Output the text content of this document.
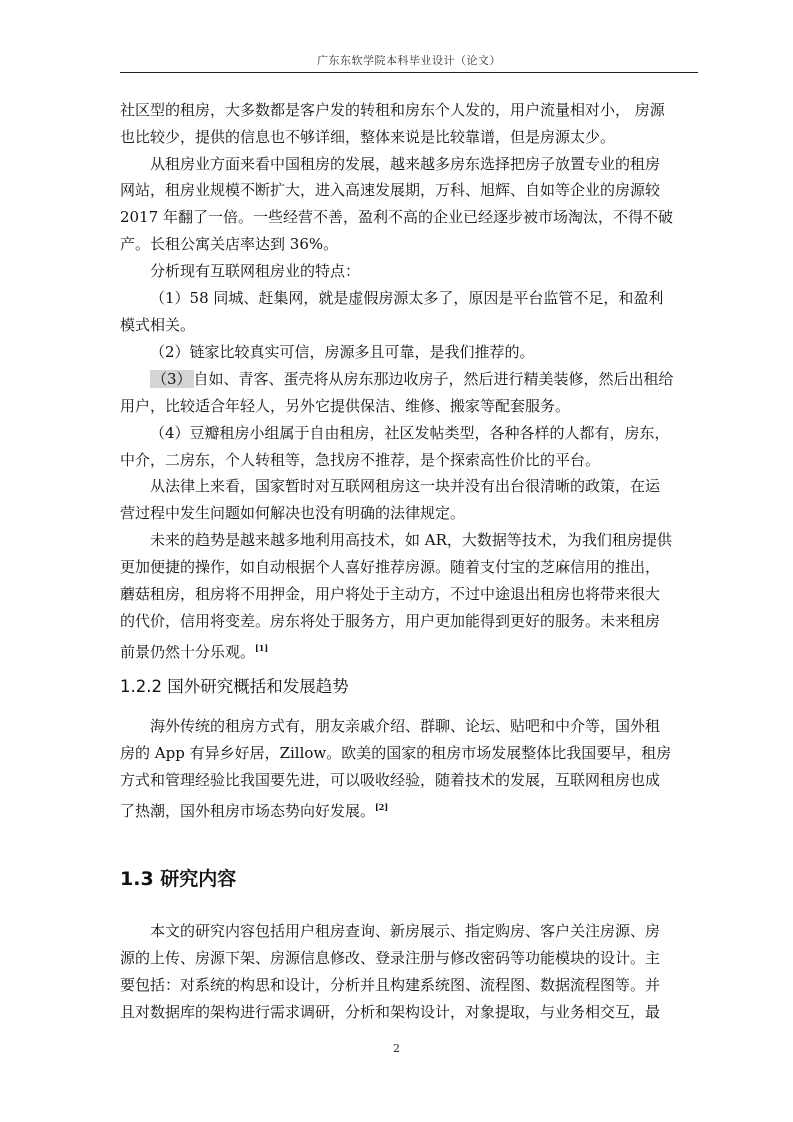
广东东软学院本科毕业设计（论文）
社区型的租房，大多数都是客户发的转租和房东个人发的，用户流量相对小， 房源
也比较少，提供的信息也不够详细，整体来说是比较靠谱，但是房源太少。
从租房业方面来看中国租房的发展，越来越多房东选择把房子放置专业的租房
网站，租房业规模不断扩大，进入高速发展期，万科、旭辉、自如等企业的房源较
2017 年翻了一倍。一些经营不善，盈利不高的企业已经逐步被市场淘汰，不得不破
产。长租公寓关店率达到 36%。
分析现有互联网租房业的特点：
（1）58 同城、赶集网，就是虚假房源太多了，原因是平台监管不足，和盈利
模式相关。
（2）链家比较真实可信，房源多且可靠，是我们推荐的。
（3） 自如、青客、蛋壳将从房东那边收房子，然后进行精美装修，然后出租给
用户，比较适合年轻人，另外它提供保洁、维修、搬家等配套服务。
（4）豆瓣租房小组属于自由租房，社区发帖类型，各种各样的人都有，房东，
中介，二房东，个人转租等，急找房不推荐，是个探索高性价比的平台。
从法律上来看，国家暂时对互联网租房这一块并没有出台很清晰的政策，在运
营过程中发生问题如何解决也没有明确的法律规定。
未来的趋势是越来越多地利用高技术，如 AR，大数据等技术，为我们租房提供
更加便捷的操作，如自动根据个人喜好推荐房源。随着支付宝的芝麻信用的推出，
蘑菇租房，租房将不用押金，用户将处于主动方，不过中途退出租房也将带来很大
的代价，信用将变差。房东将处于服务方，用户更加能得到更好的服务。未来租房
前景仍然十分乐观。[1]
1.2.2 国外研究概括和发展趋势
海外传统的租房方式有，朋友亲戚介绍、群聊、论坛、贴吧和中介等，国外租
房的 App 有异乡好居，Zillow。欧美的国家的租房市场发展整体比我国要早，租房
方式和管理经验比我国要先进，可以吸收经验，随着技术的发展，互联网租房也成
了热潮，国外租房市场态势向好发展。[2]
1.3 研究内容
本文的研究内容包括用户租房查询、新房展示、指定购房、客户关注房源、房
源的上传、房源下架、房源信息修改、登录注册与修改密码等功能模块的设计。主
要包括：对系统的构思和设计，分析并且构建系统图、流程图、数据流程图等。并
且对数据库的架构进行需求调研，分析和架构设计，对象提取，与业务相交互，最
2
